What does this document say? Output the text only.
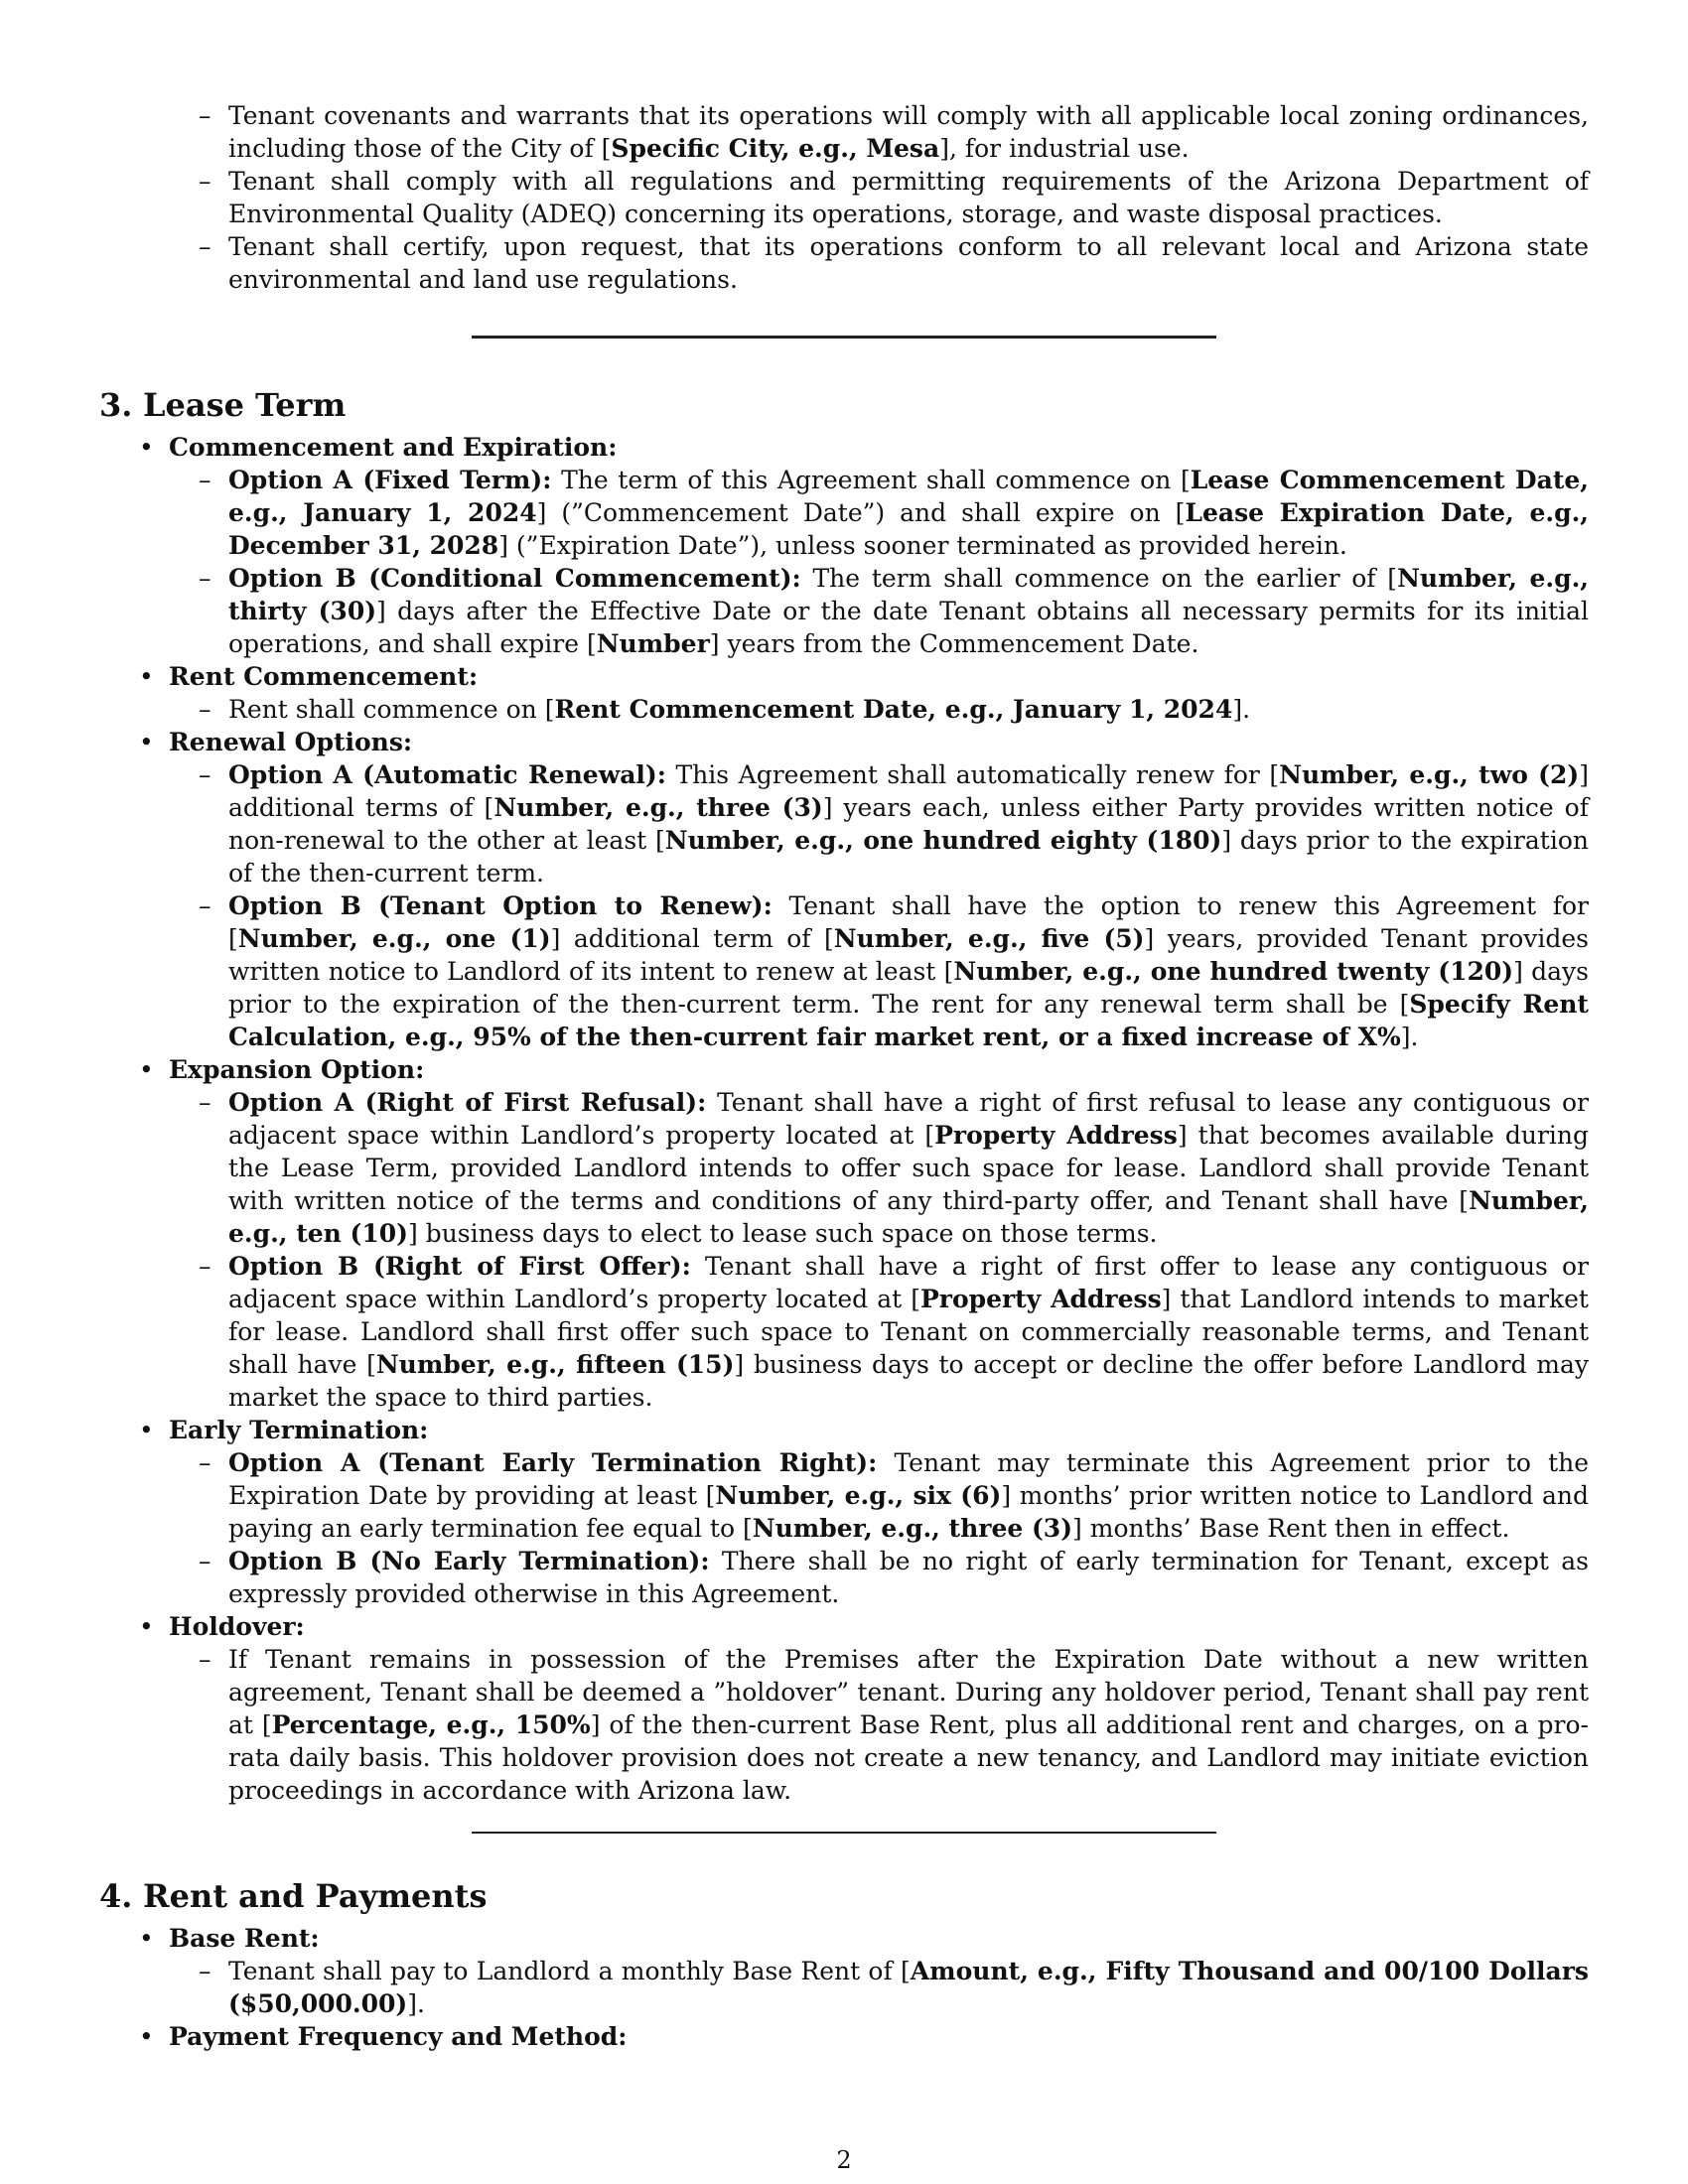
– Tenant covenants and warrants that its operations will comply with all applicable local zoning ordinances, including those of the City of [Specific City, e.g., Mesa], for industrial use.

– Tenant shall comply with all regulations and permitting requirements of the Arizona Department of Environmental Quality (ADEQ) concerning its operations, storage, and waste disposal practices.

– Tenant shall certify, upon request, that its operations conform to all relevant local and Arizona state environmental and land use regulations.

3. Lease Term

• Commencement and Expiration:

– Option A (Fixed Term): The term of this Agreement shall commence on [Lease Commencement Date, e.g., January 1, 2024] (”Commencement Date”) and shall expire on [Lease Expiration Date, e.g., December 31, 2028] (”Expiration Date”), unless sooner terminated as provided herein.

– Option B (Conditional Commencement): The term shall commence on the earlier of [Number, e.g., thirty (30)] days after the Effective Date or the date Tenant obtains all necessary permits for its initial operations, and shall expire [Number] years from the Commencement Date.

• Rent Commencement:

– Rent shall commence on [Rent Commencement Date, e.g., January 1, 2024].

• Renewal Options:

– Option A (Automatic Renewal): This Agreement shall automatically renew for [Number, e.g., two (2)] additional terms of [Number, e.g., three (3)] years each, unless either Party provides written notice of non-renewal to the other at least [Number, e.g., one hundred eighty (180)] days prior to the expiration of the then-current term.

– Option B (Tenant Option to Renew): Tenant shall have the option to renew this Agreement for [Number, e.g., one (1)] additional term of [Number, e.g., five (5)] years, provided Tenant provides written notice to Landlord of its intent to renew at least [Number, e.g., one hundred twenty (120)] days prior to the expiration of the then-current term. The rent for any renewal term shall be [Specify Rent Calculation, e.g., 95% of the then-current fair market rent, or a fixed increase of X%].

• Expansion Option:

– Option A (Right of First Refusal): Tenant shall have a right of first refusal to lease any contiguous or adjacent space within Landlord’s property located at [Property Address] that becomes available during the Lease Term, provided Landlord intends to offer such space for lease. Landlord shall provide Tenant with written notice of the terms and conditions of any third-party offer, and Tenant shall have [Number, e.g., ten (10)] business days to elect to lease such space on those terms.

– Option B (Right of First Offer): Tenant shall have a right of first offer to lease any contiguous or adjacent space within Landlord’s property located at [Property Address] that Landlord intends to market for lease. Landlord shall first offer such space to Tenant on commercially reasonable terms, and Tenant shall have [Number, e.g., fifteen (15)] business days to accept or decline the offer before Landlord may market the space to third parties.

• Early Termination:

– Option A (Tenant Early Termination Right): Tenant may terminate this Agreement prior to the Expiration Date by providing at least [Number, e.g., six (6)] months’ prior written notice to Landlord and paying an early termination fee equal to [Number, e.g., three (3)] months’ Base Rent then in effect.

– Option B (No Early Termination): There shall be no right of early termination for Tenant, except as expressly provided otherwise in this Agreement.

• Holdover:

– If Tenant remains in possession of the Premises after the Expiration Date without a new written agreement, Tenant shall be deemed a ”holdover” tenant. During any holdover period, Tenant shall pay rent at [Percentage, e.g., 150%] of the then-current Base Rent, plus all additional rent and charges, on a pro-rata daily basis. This holdover provision does not create a new tenancy, and Landlord may initiate eviction proceedings in accordance with Arizona law.

4. Rent and Payments

• Base Rent:

– Tenant shall pay to Landlord a monthly Base Rent of [Amount, e.g., Fifty Thousand and 00/100 Dollars ($50,000.00)].

• Payment Frequency and Method:

2
